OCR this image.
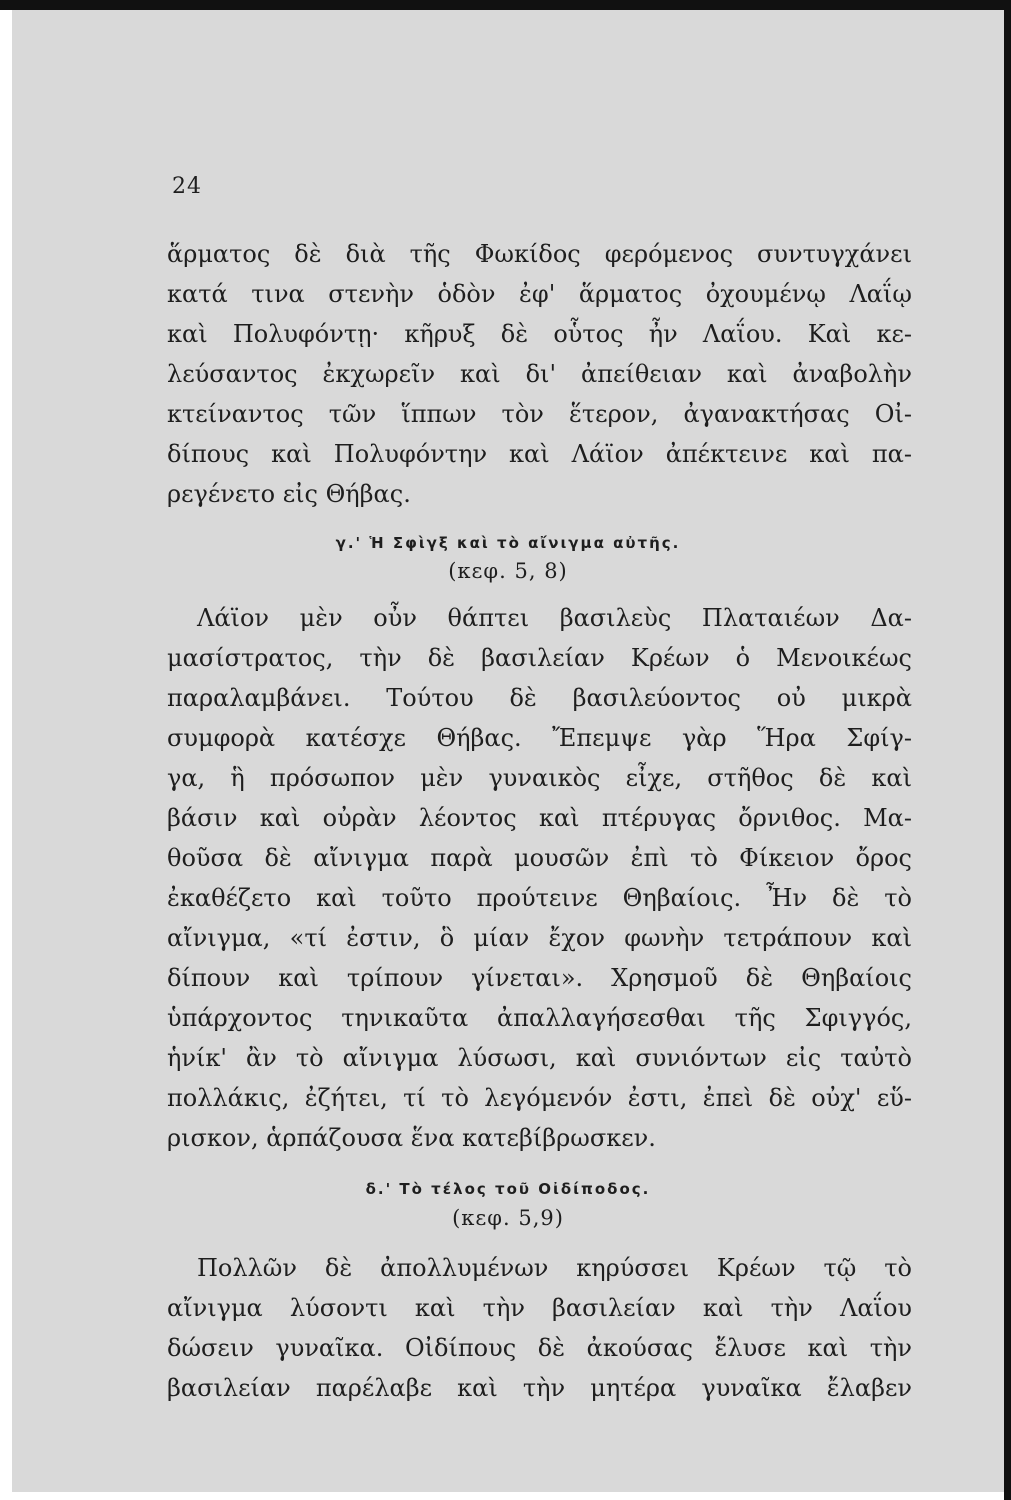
24
ἅρματος δὲ διὰ τῆς Φωκίδος φερόμενος συντυγχάνει
κατά τινα στενὴν ὁδὸν ἐφ' ἅρματος ὀχουμένῳ Λαΐῳ
καὶ Πολυφόντῃ· κῆρυξ δὲ οὗτος ἦν Λαΐου. Καὶ κε-
λεύσαντος ἐκχωρεῖν καὶ δι' ἀπείθειαν καὶ ἀναβολὴν
κτείναντος τῶν ἵππων τὸν ἕτερον, ἀγανακτήσας Οἰ-
δίπους καὶ Πολυφόντην καὶ Λάϊον ἀπέκτεινε καὶ πα-
ρεγένετο εἰς Θήβας.
γ.' Ἡ Σφὶγξ καὶ τὸ αἴνιγμα αὐτῆς.
(κεφ. 5, 8)
Λάϊον μὲν οὖν θάπτει βασιλεὺς Πλαταιέων Δα-
μασίστρατος, τὴν δὲ βασιλείαν Κρέων ὁ Μενοικέως
παραλαμβάνει. Τούτου δὲ βασιλεύοντος οὐ μικρὰ
συμφορὰ κατέσχε Θήβας. Ἔπεμψε γὰρ Ἥρα Σφίγ-
γα, ἣ πρόσωπον μὲν γυναικὸς εἶχε, στῆθος δὲ καὶ
βάσιν καὶ οὐρὰν λέοντος καὶ πτέρυγας ὄρνιθος. Μα-
θοῦσα δὲ αἴνιγμα παρὰ μουσῶν ἐπὶ τὸ Φίκειον ὄρος
ἐκαθέζετο καὶ τοῦτο προύτεινε Θηβαίοις. Ἦν δὲ τὸ
αἴνιγμα, «τί ἐστιν, ὃ μίαν ἔχον φωνὴν τετράπουν καὶ
δίπουν καὶ τρίπουν γίνεται». Χρησμοῦ δὲ Θηβαίοις
ὑπάρχοντος τηνικαῦτα ἀπαλλαγήσεσθαι τῆς Σφιγγός,
ἡνίκ' ἂν τὸ αἴνιγμα λύσωσι, καὶ συνιόντων εἰς ταὐτὸ
πολλάκις, ἐζήτει, τί τὸ λεγόμενόν ἐστι, ἐπεὶ δὲ οὐχ' εὕ-
ρισκον, ἁρπάζουσα ἕνα κατεβίβρωσκεν.
δ.' Τὸ τέλος τοῦ Οἰδίποδος.
(κεφ. 5,9)
Πολλῶν δὲ ἀπολλυμένων κηρύσσει Κρέων τῷ τὸ
αἴνιγμα λύσοντι καὶ τὴν βασιλείαν καὶ τὴν Λαΐου
δώσειν γυναῖκα. Οἰδίπους δὲ ἀκούσας ἔλυσε καὶ τὴν
βασιλείαν παρέλαβε καὶ τὴν μητέρα γυναῖκα ἔλαβεν
